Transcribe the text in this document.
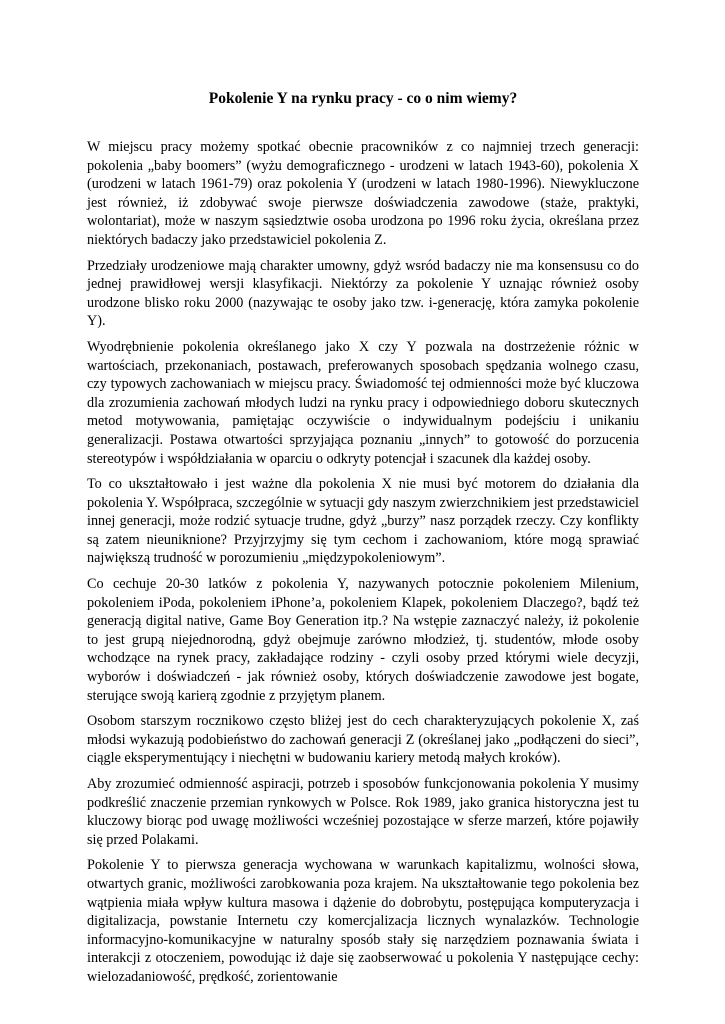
Pokolenie Y na rynku pracy - co o nim wiemy?

W miejscu pracy możemy spotkać obecnie pracowników z co najmniej trzech generacji: pokolenia „baby boomers” (wyżu demograficznego - urodzeni w latach 1943-60), pokolenia X (urodzeni w latach 1961-79) oraz pokolenia Y (urodzeni w latach 1980-1996). Niewykluczone jest również, iż zdobywać swoje pierwsze doświadczenia zawodowe (staże, praktyki, wolontariat), może w naszym sąsiedztwie osoba urodzona po 1996 roku życia, określana przez niektórych badaczy jako przedstawiciel pokolenia Z.

Przedziały urodzeniowe mają charakter umowny, gdyż wsród badaczy nie ma konsensusu co do jednej prawidłowej wersji klasyfikacji. Niektórzy za pokolenie Y uznając również osoby urodzone blisko roku 2000 (nazywając te osoby jako tzw. i-generację, która zamyka pokolenie Y).

Wyodrębnienie pokolenia określanego jako X czy Y pozwala na dostrzeżenie różnic w wartościach, przekonaniach, postawach, preferowanych sposobach spędzania wolnego czasu, czy typowych zachowaniach w miejscu pracy. Świadomość tej odmienności może być kluczowa dla zrozumienia zachowań młodych ludzi na rynku pracy i odpowiedniego doboru skutecznych metod motywowania, pamiętając oczywiście o indywidualnym podejściu i unikaniu generalizacji. Postawa otwartości sprzyjająca poznaniu „innych” to gotowość do porzucenia stereotypów i współdziałania w oparciu o odkryty potencjał i szacunek dla każdej osoby.

To co ukształtowało i jest ważne dla pokolenia X nie musi być motorem do działania dla pokolenia Y. Współpraca, szczególnie w sytuacji gdy naszym zwierzchnikiem jest przedstawiciel innej generacji, może rodzić sytuacje trudne, gdyż „burzy” nasz porządek rzeczy. Czy konflikty są zatem nieuniknione? Przyjrzyjmy się tym cechom i zachowaniom, które mogą sprawiać największą trudność w porozumieniu „międzypokoleniowym”.

Co cechuje 20-30 latków z pokolenia Y, nazywanych potocznie pokoleniem Milenium, pokoleniem iPoda, pokoleniem iPhone’a, pokoleniem Klapek, pokoleniem Dlaczego?, bądź też generacją digital native, Game Boy Generation itp.? Na wstępie zaznaczyć należy, iż pokolenie to jest grupą niejednorodną, gdyż obejmuje zarówno młodzież, tj. studentów, młode osoby wchodzące na rynek pracy, zakładające rodziny - czyli osoby przed którymi wiele decyzji, wyborów i doświadczeń - jak również osoby, których doświadczenie zawodowe jest bogate, sterujące swoją karierą zgodnie z przyjętym planem.

Osobom starszym rocznikowo często bliżej jest do cech charakteryzujących pokolenie X, zaś młodsi wykazują podobieństwo do zachowań generacji Z (określanej jako „podłączeni do sieci”, ciągle eksperymentujący i niechętni w budowaniu kariery metodą małych kroków).

Aby zrozumieć odmienność aspiracji, potrzeb i sposobów funkcjonowania pokolenia Y musimy podkreślić znaczenie przemian rynkowych w Polsce. Rok 1989, jako granica historyczna jest tu kluczowy biorąc pod uwagę możliwości wcześniej pozostające w sferze marzeń, które pojawiły się przed Polakami.

Pokolenie Y to pierwsza generacja wychowana w warunkach kapitalizmu, wolności słowa, otwartych granic, możliwości zarobkowania poza krajem. Na ukształtowanie tego pokolenia bez wątpienia miała wpływ kultura masowa i dążenie do dobrobytu, postępująca komputeryzacja i digitalizacja, powstanie Internetu czy komercjalizacja licznych wynalazków. Technologie informacyjno-komunikacyjne w naturalny sposób stały się narzędziem poznawania świata i interakcji z otoczeniem, powodując iż daje się zaobserwować u pokolenia Y następujące cechy: wielozadaniowość, prędkość, zorientowanie
